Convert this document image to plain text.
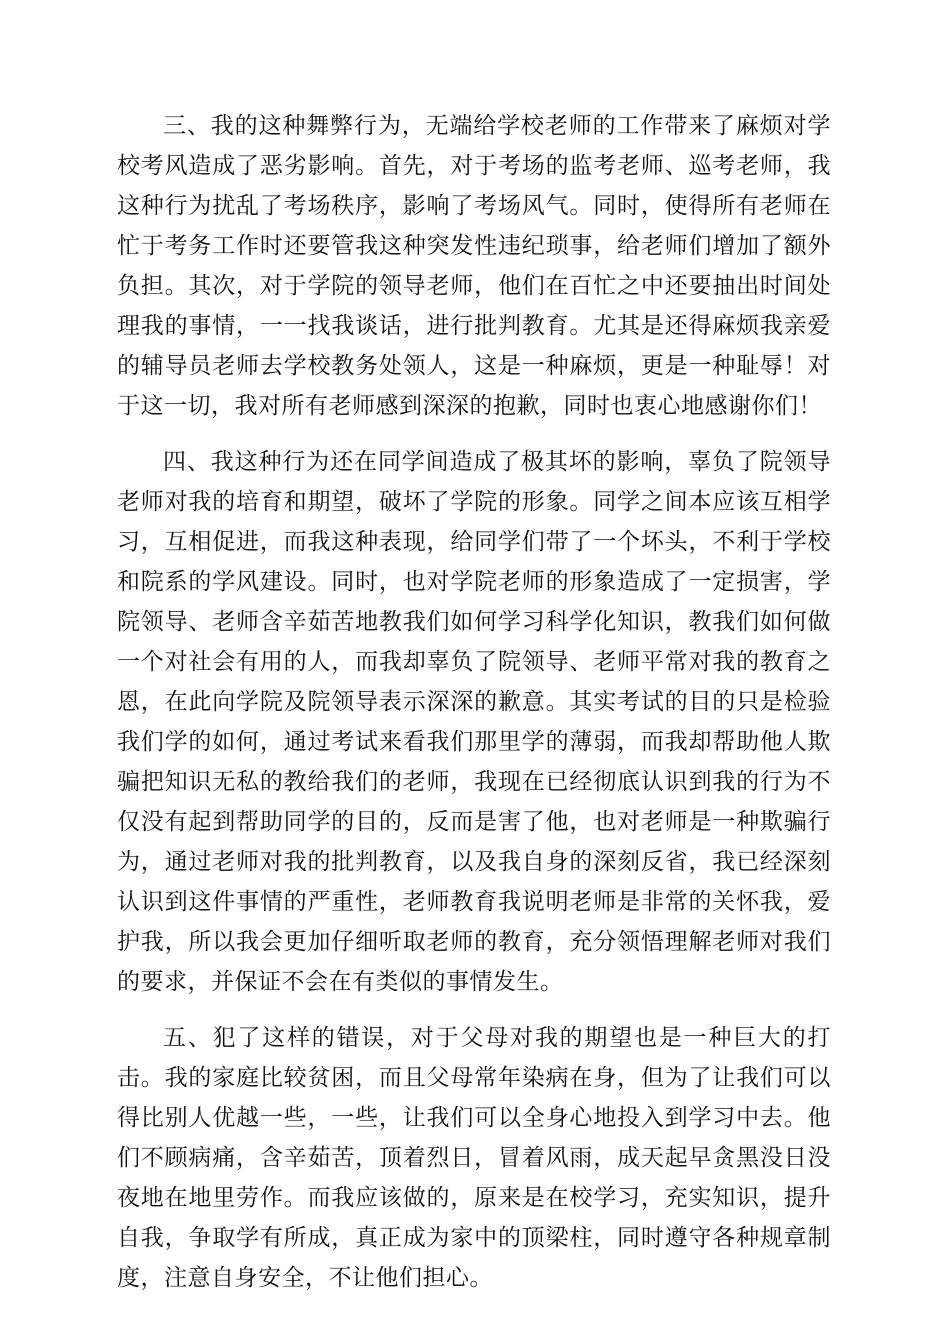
三、我的这种舞弊行为，无端给学校老师的工作带来了麻烦对学校考风造成了恶劣影响。首先，对于考场的监考老师、巡考老师，我这种行为扰乱了考场秩序，影响了考场风气。同时，使得所有老师在忙于考务工作时还要管我这种突发性违纪琐事，给老师们增加了额外负担。其次，对于学院的领导老师，他们在百忙之中还要抽出时间处理我的事情，一一找我谈话，进行批判教育。尤其是还得麻烦我亲爱的辅导员老师去学校教务处领人，这是一种麻烦，更是一种耻辱！对于这一切，我对所有老师感到深深的抱歉，同时也衷心地感谢你们！

四、我这种行为还在同学间造成了极其坏的影响，辜负了院领导老师对我的培育和期望，破坏了学院的形象。同学之间本应该互相学习，互相促进，而我这种表现，给同学们带了一个坏头，不利于学校和院系的学风建设。同时，也对学院老师的形象造成了一定损害，学院领导、老师含辛茹苦地教我们如何学习科学化知识，教我们如何做一个对社会有用的人，而我却辜负了院领导、老师平常对我的教育之恩，在此向学院及院领导表示深深的歉意。其实考试的目的只是检验我们学的如何，通过考试来看我们那里学的薄弱，而我却帮助他人欺骗把知识无私的教给我们的老师，我现在已经彻底认识到我的行为不仅没有起到帮助同学的目的，反而是害了他，也对老师是一种欺骗行为，通过老师对我的批判教育，以及我自身的深刻反省，我已经深刻认识到这件事情的严重性，老师教育我说明老师是非常的关怀我，爱护我，所以我会更加仔细听取老师的教育，充分领悟理解老师对我们的要求，并保证不会在有类似的事情发生。

五、犯了这样的错误，对于父母对我的期望也是一种巨大的打击。我的家庭比较贫困，而且父母常年染病在身，但为了让我们可以得比别人优越一些，一些，让我们可以全身心地投入到学习中去。他们不顾病痛，含辛茹苦，顶着烈日，冒着风雨，成天起早贪黑没日没夜地在地里劳作。而我应该做的，原来是在校学习，充实知识，提升自我，争取学有所成，真正成为家中的顶梁柱，同时遵守各种规章制度，注意自身安全，不让他们担心。
